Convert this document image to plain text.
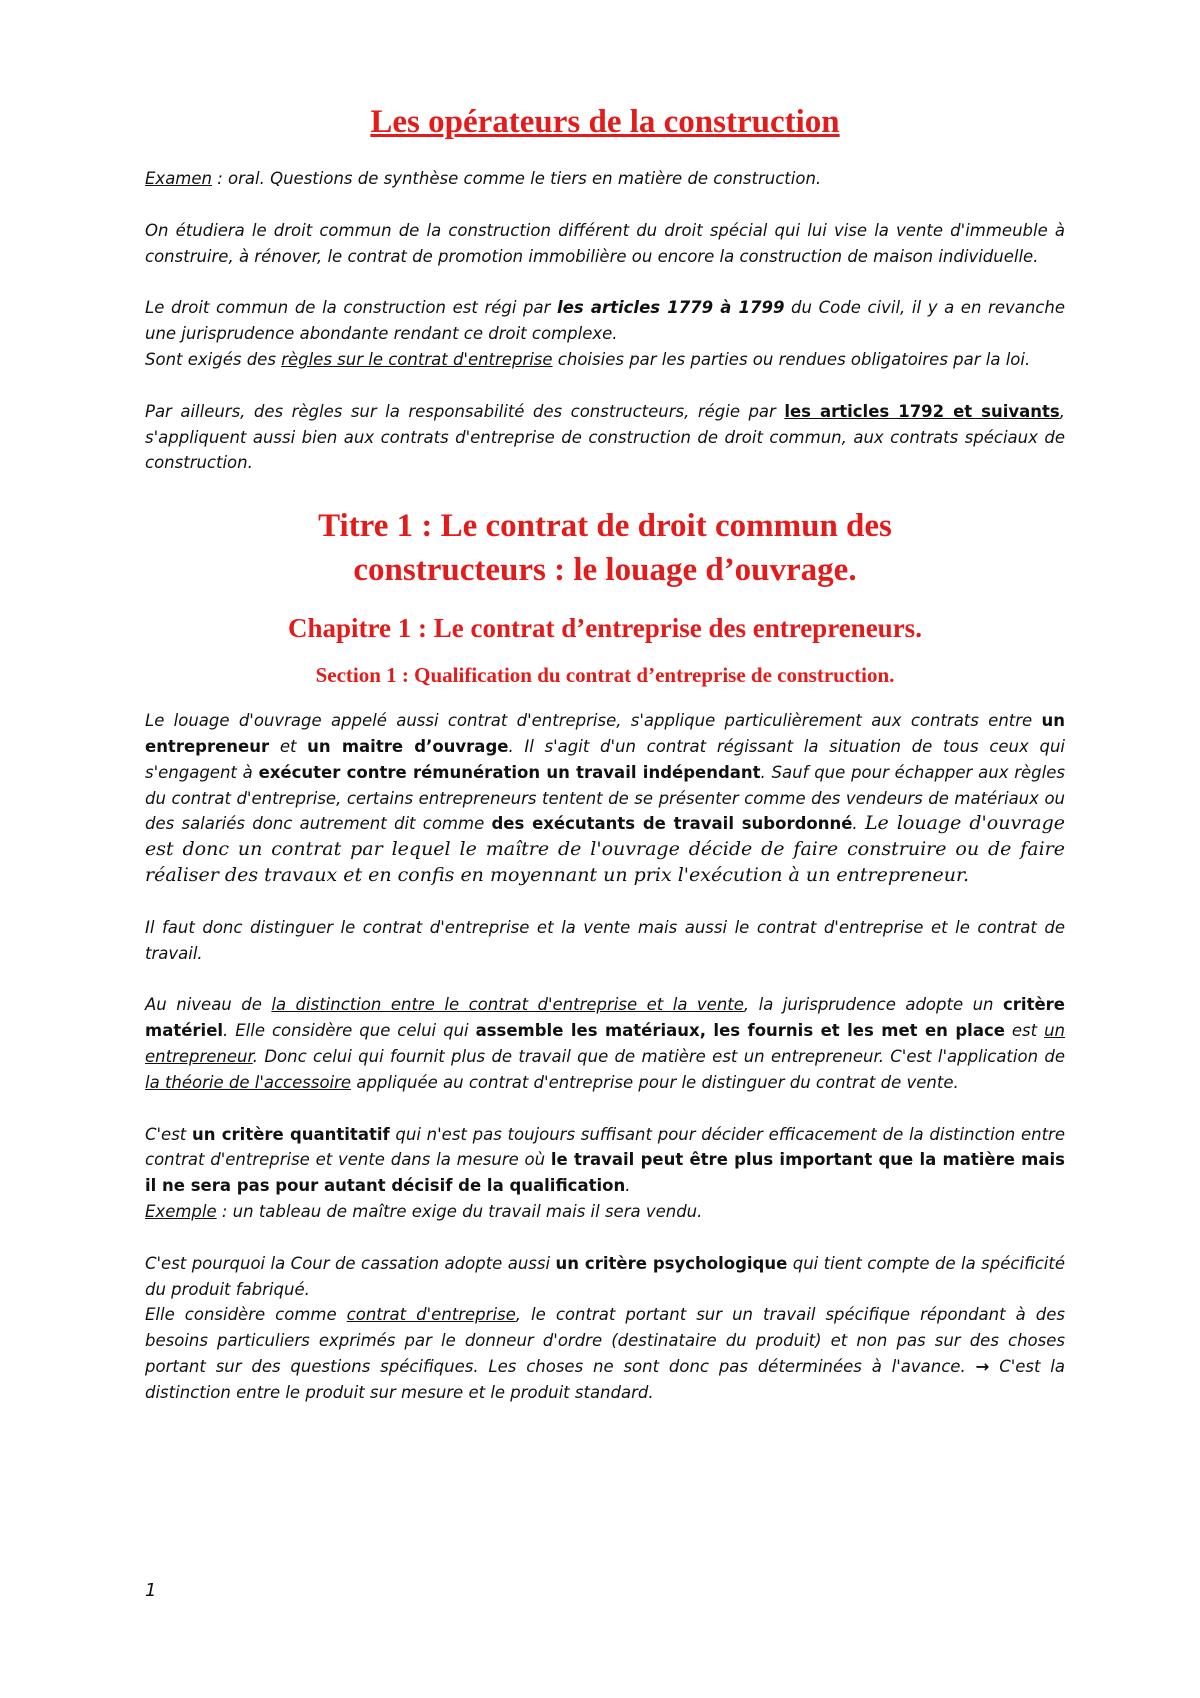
Les opérateurs de la construction

Examen : oral. Questions de synthèse comme le tiers en matière de construction.

On étudiera le droit commun de la construction différent du droit spécial qui lui vise la vente d'immeuble à construire, à rénover, le contrat de promotion immobilière ou encore la construction de maison individuelle.

Le droit commun de la construction est régi par les articles 1779 à 1799 du Code civil, il y a en revanche une jurisprudence abondante rendant ce droit complexe.

Sont exigés des règles sur le contrat d'entreprise choisies par les parties ou rendues obligatoires par la loi.

Par ailleurs, des règles sur la responsabilité des constructeurs, régie par les articles 1792 et suivants, s'appliquent aussi bien aux contrats d'entreprise de construction de droit commun, aux contrats spéciaux de construction.

Titre 1 : Le contrat de droit commun des
constructeurs : le louage d’ouvrage.
Chapitre 1 : Le contrat d’entreprise des entrepreneurs.
Section 1 : Qualification du contrat d’entreprise de construction.

Le louage d'ouvrage appelé aussi contrat d'entreprise, s'applique particulièrement aux contrats entre un entrepreneur et un maitre d’ouvrage. Il s'agit d'un contrat régissant la situation de tous ceux qui s'engagent à exécuter contre rémunération un travail indépendant. Sauf que pour échapper aux règles du contrat d'entreprise, certains entrepreneurs tentent de se présenter comme des vendeurs de matériaux ou des salariés donc autrement dit comme des exécutants de travail subordonné. Le louage d'ouvrage est donc un contrat par lequel le maître de l'ouvrage décide de faire construire ou de faire réaliser des travaux et en confis en moyennant un prix l'exécution à un entrepreneur.

Il faut donc distinguer le contrat d'entreprise et la vente mais aussi le contrat d'entreprise et le contrat de travail.

Au niveau de la distinction entre le contrat d'entreprise et la vente, la jurisprudence adopte un critère matériel. Elle considère que celui qui assemble les matériaux, les fournis et les met en place est un entrepreneur. Donc celui qui fournit plus de travail que de matière est un entrepreneur. C'est l'application de la théorie de l'accessoire appliquée au contrat d'entreprise pour le distinguer du contrat de vente.

C'est un critère quantitatif qui n'est pas toujours suffisant pour décider efficacement de la distinction entre contrat d'entreprise et vente dans la mesure où le travail peut être plus important que la matière mais il ne sera pas pour autant décisif de la qualification.

Exemple : un tableau de maître exige du travail mais il sera vendu.

C'est pourquoi la Cour de cassation adopte aussi un critère psychologique qui tient compte de la spécificité du produit fabriqué.

Elle considère comme contrat d'entreprise, le contrat portant sur un travail spécifique répondant à des besoins particuliers exprimés par le donneur d'ordre (destinataire du produit) et non pas sur des choses portant sur des questions spécifiques. Les choses ne sont donc pas déterminées à l'avance. → C'est la distinction entre le produit sur mesure et le produit standard.

1
